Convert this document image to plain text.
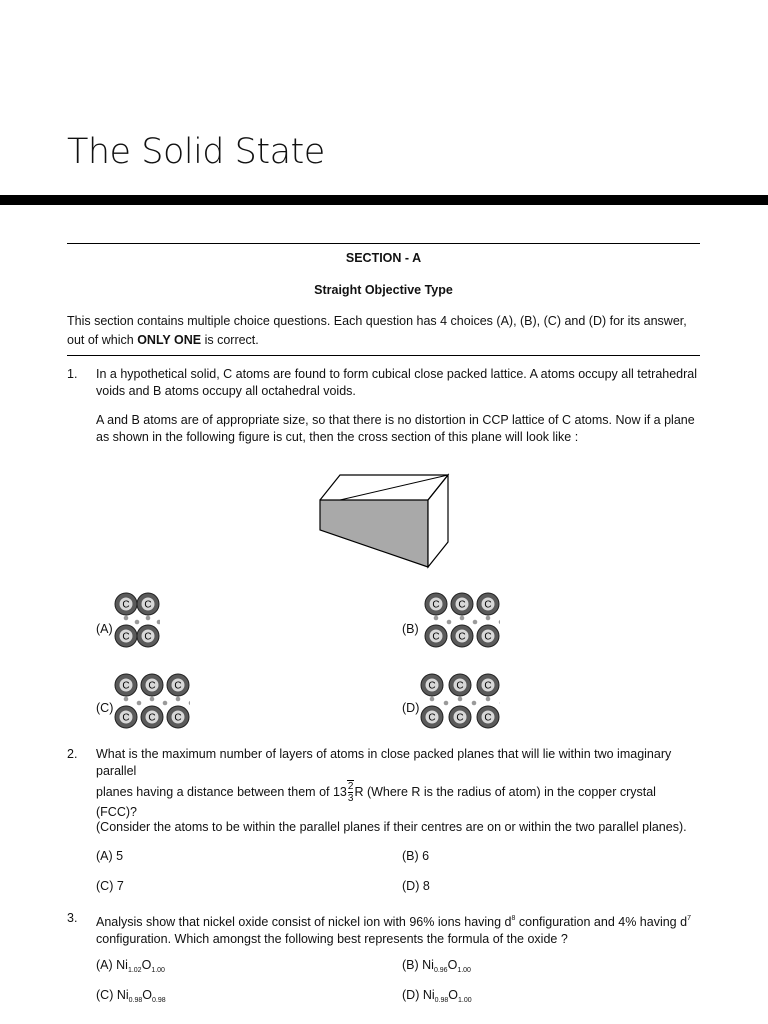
The Solid State
SECTION - A
Straight Objective Type
This section contains multiple choice questions. Each question has 4 choices (A), (B), (C) and (D) for its answer, out of which ONLY ONE is correct.
1. In a hypothetical solid, C atoms are found to form cubical close packed lattice. A atoms occupy all tetrahedral voids and B atoms occupy all octahedral voids.
A and B atoms are of appropriate size, so that there is no distortion in CCP lattice of C atoms. Now if a plane as shown in the following figure is cut, then the cross section of this plane will look like :
(A)
C C
C C
(B)
C C C
C C C
(C)
C C C
C C C
(D)
C C C
C C C
2. What is the maximum number of layers of atoms in close packed planes that will lie within two imaginary parallel
planes having a distance between them of $13 \frac{2}{3}R$ (Where R is the radius of atom) in the copper crystal (FCC)?
(Consider the atoms to be within the parallel planes if their centres are on or within the two parallel planes).
(A) 5	(B) 6
(C) 7	(D) 8
3. Analysis show that nickel oxide consist of nickel ion with 96% ions having $d^8$ configuration and 4% having $d^7$
configuration. Which amongst the following best represents the formula of the oxide ?
(A) $Ni_{1.02}O_{1.00}$	(B) $Ni_{0.96}O_{1.00}$
(C) $Ni_{0.98}O_{0.98}$	(D) $Ni_{0.98}O_{1.00}$
